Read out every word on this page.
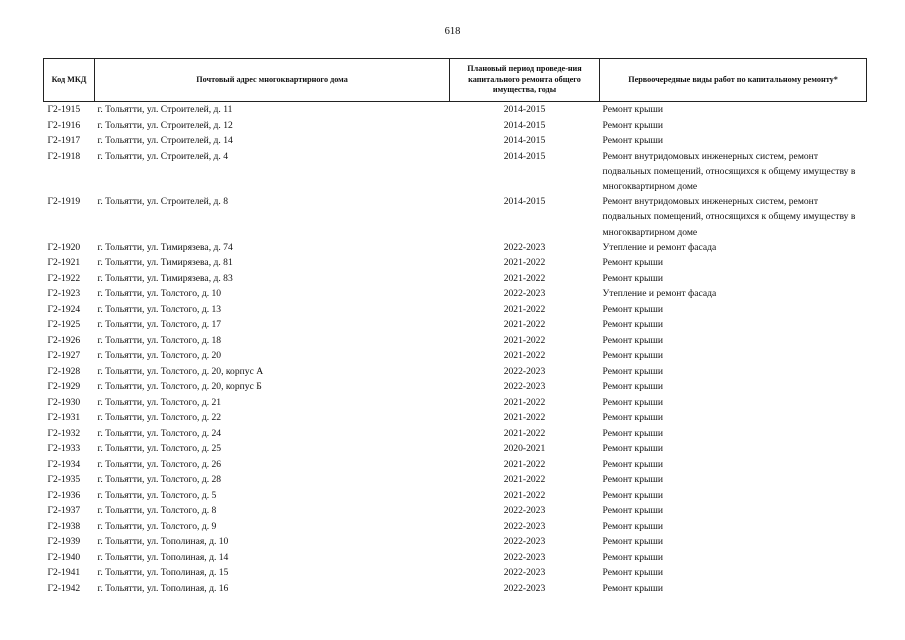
618
Код МКД	Почтовый адрес многоквартирного дома	Плановый период проведе-ния капитального ремонта общего имущества, годы	Первоочередные виды работ по капитальному ремонту*
Г2-1915	г. Тольятти, ул. Строителей, д. 11	2014-2015	Ремонт крыши
Г2-1916	г. Тольятти, ул. Строителей, д. 12	2014-2015	Ремонт крыши
Г2-1917	г. Тольятти, ул. Строителей, д. 14	2014-2015	Ремонт крыши
Г2-1918	г. Тольятти, ул. Строителей, д. 4	2014-2015	Ремонт внутридомовых инженерных систем, ремонт подвальных помещений, относящихся к общему имуществу в многоквартирном доме
Г2-1919	г. Тольятти, ул. Строителей, д. 8	2014-2015	Ремонт внутридомовых инженерных систем, ремонт подвальных помещений, относящихся к общему имуществу в многоквартирном доме
Г2-1920	г. Тольятти, ул. Тимирязева, д. 74	2022-2023	Утепление и ремонт фасада
Г2-1921	г. Тольятти, ул. Тимирязева, д. 81	2021-2022	Ремонт крыши
Г2-1922	г. Тольятти, ул. Тимирязева, д. 83	2021-2022	Ремонт крыши
Г2-1923	г. Тольятти, ул. Толстого, д. 10	2022-2023	Утепление и ремонт фасада
Г2-1924	г. Тольятти, ул. Толстого, д. 13	2021-2022	Ремонт крыши
Г2-1925	г. Тольятти, ул. Толстого, д. 17	2021-2022	Ремонт крыши
Г2-1926	г. Тольятти, ул. Толстого, д. 18	2021-2022	Ремонт крыши
Г2-1927	г. Тольятти, ул. Толстого, д. 20	2021-2022	Ремонт крыши
Г2-1928	г. Тольятти, ул. Толстого, д. 20, корпус А	2022-2023	Ремонт крыши
Г2-1929	г. Тольятти, ул. Толстого, д. 20, корпус Б	2022-2023	Ремонт крыши
Г2-1930	г. Тольятти, ул. Толстого, д. 21	2021-2022	Ремонт крыши
Г2-1931	г. Тольятти, ул. Толстого, д. 22	2021-2022	Ремонт крыши
Г2-1932	г. Тольятти, ул. Толстого, д. 24	2021-2022	Ремонт крыши
Г2-1933	г. Тольятти, ул. Толстого, д. 25	2020-2021	Ремонт крыши
Г2-1934	г. Тольятти, ул. Толстого, д. 26	2021-2022	Ремонт крыши
Г2-1935	г. Тольятти, ул. Толстого, д. 28	2021-2022	Ремонт крыши
Г2-1936	г. Тольятти, ул. Толстого, д. 5	2021-2022	Ремонт крыши
Г2-1937	г. Тольятти, ул. Толстого, д. 8	2022-2023	Ремонт крыши
Г2-1938	г. Тольятти, ул. Толстого, д. 9	2022-2023	Ремонт крыши
Г2-1939	г. Тольятти, ул. Тополиная, д. 10	2022-2023	Ремонт крыши
Г2-1940	г. Тольятти, ул. Тополиная, д. 14	2022-2023	Ремонт крыши
Г2-1941	г. Тольятти, ул. Тополиная, д. 15	2022-2023	Ремонт крыши
Г2-1942	г. Тольятти, ул. Тополиная, д. 16	2022-2023	Ремонт крыши
